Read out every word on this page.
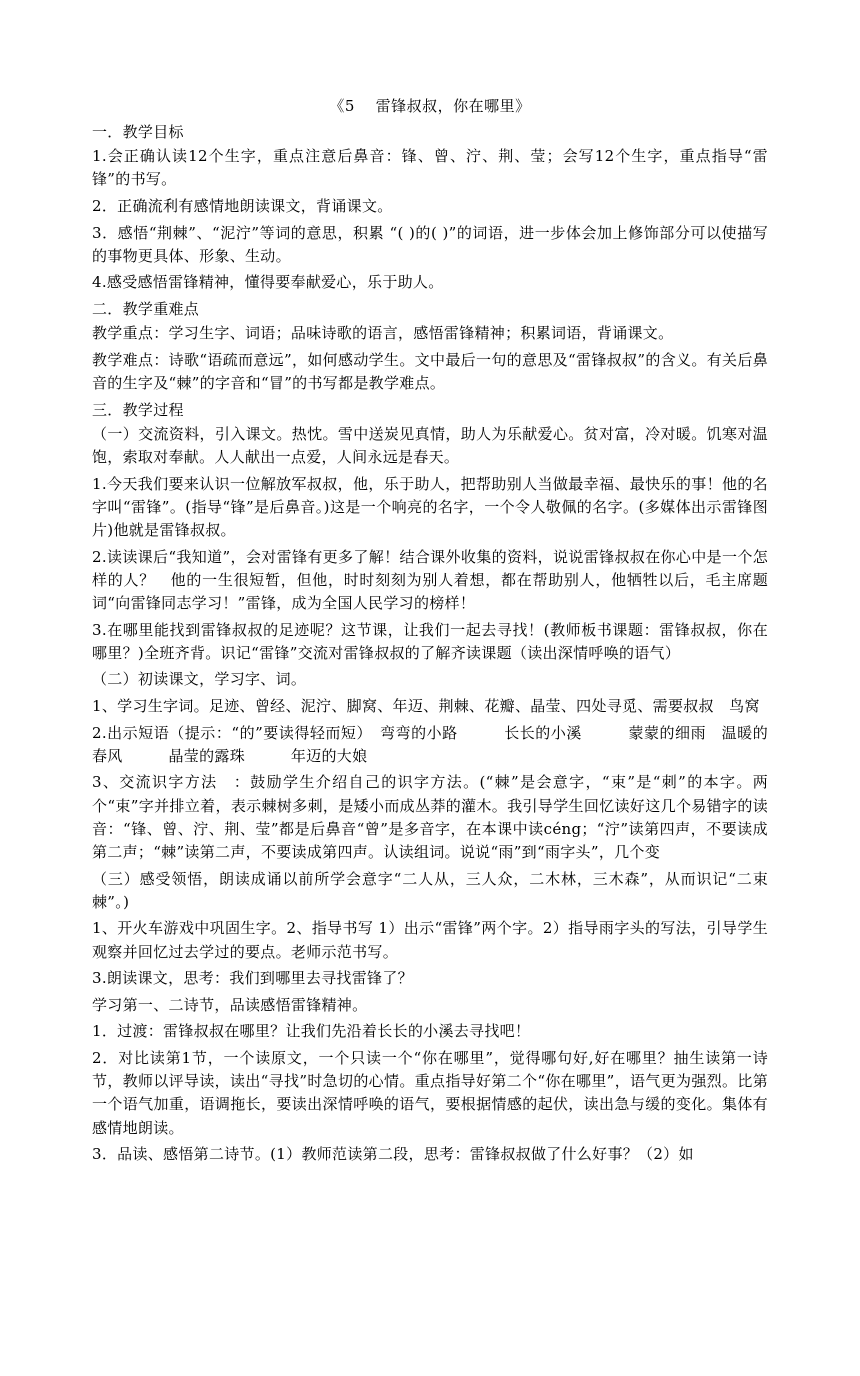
《5　 雷锋叔叔，你在哪里》

一．教学目标

1.会正确认读12个生字，重点注意后鼻音：锋、曾、泞、荆、莹；会写12个生字，重点指导“雷锋”的书写。

2．正确流利有感情地朗读课文，背诵课文。

3．感悟“荆棘”、“泥泞”等词的意思，积累 “( )的( )”的词语，进一步体会加上修饰部分可以使描写的事物更具体、形象、生动。

4.感受感悟雷锋精神，懂得要奉献爱心，乐于助人。

二．教学重难点

教学重点：学习生字、词语；品味诗歌的语言，感悟雷锋精神；积累词语，背诵课文。

教学难点：诗歌“语疏而意远”，如何感动学生。文中最后一句的意思及“雷锋叔叔”的含义。有关后鼻音的生字及“棘”的字音和“冒”的书写都是教学难点。

三．教学过程

（一）交流资料，引入课文。热忱。雪中送炭见真情，助人为乐献爱心。贫对富，冷对暖。饥寒对温饱，索取对奉献。人人献出一点爱，人间永远是春天。

1.今天我们要来认识一位解放军叔叔，他，乐于助人，把帮助别人当做最幸福、最快乐的事！他的名字叫“雷锋”。(指导“锋”是后鼻音。)这是一个响亮的名字，一个令人敬佩的名字。(多媒体出示雷锋图片)他就是雷锋叔叔。

2.读读课后“我知道”，会对雷锋有更多了解！结合课外收集的资料，说说雷锋叔叔在你心中是一个怎样的人？　他的一生很短暂，但他，时时刻刻为别人着想，都在帮助别人，他牺牲以后，毛主席题词“向雷锋同志学习！”雷锋，成为全国人民学习的榜样！

3.在哪里能找到雷锋叔叔的足迹呢？这节课，让我们一起去寻找！(教师板书课题：雷锋叔叔，你在哪里？)全班齐背。识记“雷锋”交流对雷锋叔叔的了解齐读课题（读出深情呼唤的语气）

（二）初读课文，学习字、词。

1、学习生字词。足迹、曾经、泥泞、脚窝、年迈、荆棘、花瓣、晶莹、四处寻觅、需要叔叔　鸟窝

2.出示短语（提示：“的”要读得轻而短）　弯弯的小路　　　长长的小溪　　　蒙蒙的细雨　温暖的春风　　　晶莹的露珠　　　年迈的大娘

3、交流识字方法　：鼓励学生介绍自己的识字方法。(“棘”是会意字，“束”是“刺”的本字。两个“束”字并排立着，表示棘树多刺，是矮小而成丛莽的灌木。我引导学生回忆读好这几个易错字的读音：“锋、曾、泞、荆、莹”都是后鼻音“曾”是多音字，在本课中读céng；“泞”读第四声，不要读成第二声；“棘”读第二声，不要读成第四声。认读组词。说说“雨”到“雨字头”，几个变

（三）感受领悟，朗读成诵以前所学会意字“二人从，三人众，二木林，三木森”，从而识记“二束棘”。)

1、开火车游戏中巩固生字。2、指导书写 1）出示“雷锋”两个字。2）指导雨字头的写法，引导学生观察并回忆过去学过的要点。老师示范书写。

3.朗读课文，思考：我们到哪里去寻找雷锋了？

学习第一、二诗节，品读感悟雷锋精神。

1．过渡：雷锋叔叔在哪里？让我们先沿着长长的小溪去寻找吧！

2．对比读第1节，一个读原文，一个只读一个“你在哪里”，觉得哪句好,好在哪里？抽生读第一诗节，教师以评导读，读出“寻找”时急切的心情。重点指导好第二个“你在哪里”，语气更为强烈。比第一个语气加重，语调拖长，要读出深情呼唤的语气，要根据情感的起伏，读出急与缓的变化。集体有感情地朗读。

3．品读、感悟第二诗节。(1）教师范读第二段，思考：雷锋叔叔做了什么好事？（2）如
